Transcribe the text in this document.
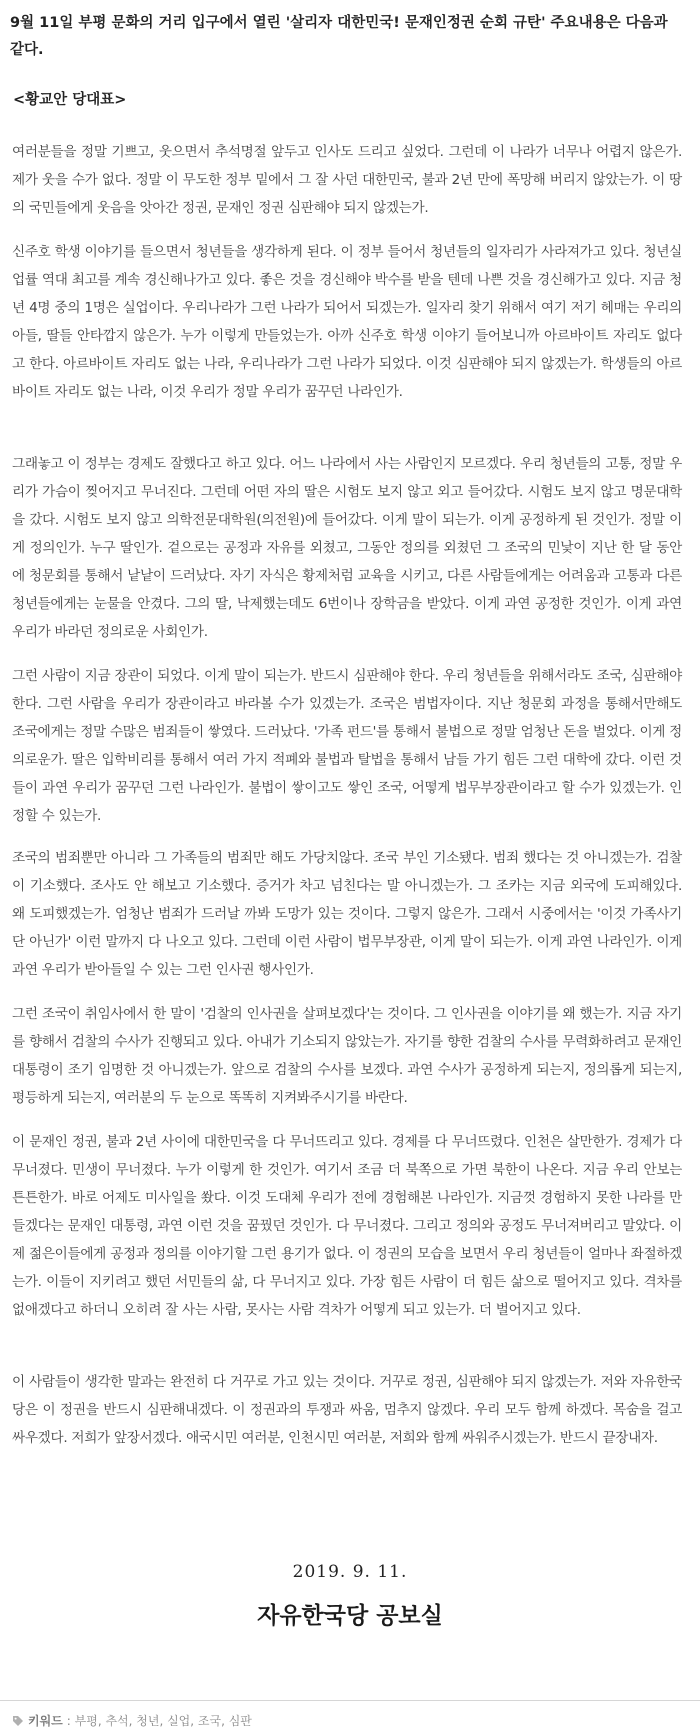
9월 11일 부평 문화의 거리 입구에서 열린 '살리자 대한민국! 문재인정권 순회 규탄' 주요내용은 다음과 같다.
<황교안 당대표>
여러분들을 정말 기쁘고, 웃으면서 추석명절 앞두고 인사도 드리고 싶었다. 그런데 이 나라가 너무나 어렵지 않은가. 제가 웃을 수가 없다. 정말 이 무도한 정부 밑에서 그 잘 사던 대한민국, 불과 2년 만에 폭망해 버리지 않았는가. 이 땅의 국민들에게 웃음을 앗아간 정권, 문재인 정권 심판해야 되지 않겠는가.
신주호 학생 이야기를 들으면서 청년들을 생각하게 된다. 이 정부 들어서 청년들의 일자리가 사라져가고 있다. 청년실업률 역대 최고를 계속 경신해나가고 있다. 좋은 것을 경신해야 박수를 받을 텐데 나쁜 것을 경신해가고 있다. 지금 청년 4명 중의 1명은 실업이다. 우리나라가 그런 나라가 되어서 되겠는가. 일자리 찾기 위해서 여기 저기 헤매는 우리의 아들, 딸들 안타깝지 않은가. 누가 이렇게 만들었는가. 아까 신주호 학생 이야기 들어보니까 아르바이트 자리도 없다고 한다. 아르바이트 자리도 없는 나라, 우리나라가 그런 나라가 되었다. 이것 심판해야 되지 않겠는가. 학생들의 아르바이트 자리도 없는 나라, 이것 우리가 정말 우리가 꿈꾸던 나라인가.
그래놓고 이 정부는 경제도 잘했다고 하고 있다. 어느 나라에서 사는 사람인지 모르겠다. 우리 청년들의 고통, 정말 우리가 가슴이 찢어지고 무너진다. 그런데 어떤 자의 딸은 시험도 보지 않고 외고 들어갔다. 시험도 보지 않고 명문대학을 갔다. 시험도 보지 않고 의학전문대학원(의전원)에 들어갔다. 이게 말이 되는가. 이게 공정하게 된 것인가. 정말 이게 정의인가. 누구 딸인가. 겉으로는 공정과 자유를 외쳤고, 그동안 정의를 외쳤던 그 조국의 민낯이 지난 한 달 동안에 청문회를 통해서 낱낱이 드러났다. 자기 자식은 황제처럼 교육을 시키고, 다른 사람들에게는 어려움과 고통과 다른 청년들에게는 눈물을 안겼다. 그의 딸, 낙제했는데도 6번이나 장학금을 받았다. 이게 과연 공정한 것인가. 이게 과연 우리가 바라던 정의로운 사회인가.
그런 사람이 지금 장관이 되었다. 이게 말이 되는가. 반드시 심판해야 한다. 우리 청년들을 위해서라도 조국, 심판해야 한다. 그런 사람을 우리가 장관이라고 바라볼 수가 있겠는가. 조국은 범법자이다. 지난 청문회 과정을 통해서만해도 조국에게는 정말 수많은 범죄들이 쌓였다. 드러났다. '가족 펀드'를 통해서 불법으로 정말 엄청난 돈을 벌었다. 이게 정의로운가. 딸은 입학비리를 통해서 여러 가지 적폐와 불법과 탈법을 통해서 남들 가기 힘든 그런 대학에 갔다. 이런 것들이 과연 우리가 꿈꾸던 그런 나라인가. 불법이 쌓이고도 쌓인 조국, 어떻게 법무부장관이라고 할 수가 있겠는가. 인정할 수 있는가.
조국의 범죄뿐만 아니라 그 가족들의 범죄만 해도 가당치않다. 조국 부인 기소됐다. 범죄 했다는 것 아니겠는가. 검찰이 기소했다. 조사도 안 해보고 기소했다. 증거가 차고 넘친다는 말 아니겠는가. 그 조카는 지금 외국에 도피해있다. 왜 도피했겠는가. 엄청난 범죄가 드러날 까봐 도망가 있는 것이다. 그렇지 않은가. 그래서 시중에서는 '이것 가족사기단 아닌가' 이런 말까지 다 나오고 있다. 그런데 이런 사람이 법무부장관, 이게 말이 되는가. 이게 과연 나라인가. 이게 과연 우리가 받아들일 수 있는 그런 인사권 행사인가.
그런 조국이 취임사에서 한 말이 '검찰의 인사권을 살펴보겠다'는 것이다. 그 인사권을 이야기를 왜 했는가. 지금 자기를 향해서 검찰의 수사가 진행되고 있다. 아내가 기소되지 않았는가. 자기를 향한 검찰의 수사를 무력화하려고 문재인 대통령이 조기 임명한 것 아니겠는가. 앞으로 검찰의 수사를 보겠다. 과연 수사가 공정하게 되는지, 정의롭게 되는지, 평등하게 되는지, 여러분의 두 눈으로 똑똑히 지켜봐주시기를 바란다.
이 문재인 정권, 불과 2년 사이에 대한민국을 다 무너뜨리고 있다. 경제를 다 무너뜨렸다. 인천은 살만한가. 경제가 다 무너졌다. 민생이 무너졌다. 누가 이렇게 한 것인가. 여기서 조금 더 북쪽으로 가면 북한이 나온다. 지금 우리 안보는 튼튼한가. 바로 어제도 미사일을 쐈다. 이것 도대체 우리가 전에 경험해본 나라인가. 지금껏 경험하지 못한 나라를 만들겠다는 문재인 대통령, 과연 이런 것을 꿈꿨던 것인가. 다 무너졌다. 그리고 정의와 공정도 무너져버리고 말았다. 이제 젊은이들에게 공정과 정의를 이야기할 그런 용기가 없다. 이 정권의 모습을 보면서 우리 청년들이 얼마나 좌절하겠는가. 이들이 지키려고 했던 서민들의 삶, 다 무너지고 있다. 가장 힘든 사람이 더 힘든 삶으로 떨어지고 있다. 격차를 없애겠다고 하더니 오히려 잘 사는 사람, 못사는 사람 격차가 어떻게 되고 있는가. 더 벌어지고 있다.
이 사람들이 생각한 말과는 완전히 다 거꾸로 가고 있는 것이다. 거꾸로 정권, 심판해야 되지 않겠는가. 저와 자유한국당은 이 정권을 반드시 심판해내겠다. 이 정권과의 투쟁과 싸움, 멈추지 않겠다. 우리 모두 함께 하겠다. 목숨을 걸고 싸우겠다. 저희가 앞장서겠다. 애국시민 여러분, 인천시민 여러분, 저희와 함께 싸워주시겠는가. 반드시 끝장내자.
2019. 9. 11.
자유한국당 공보실
키워드 : 부평, 추석, 청년, 실업, 조국, 심판
